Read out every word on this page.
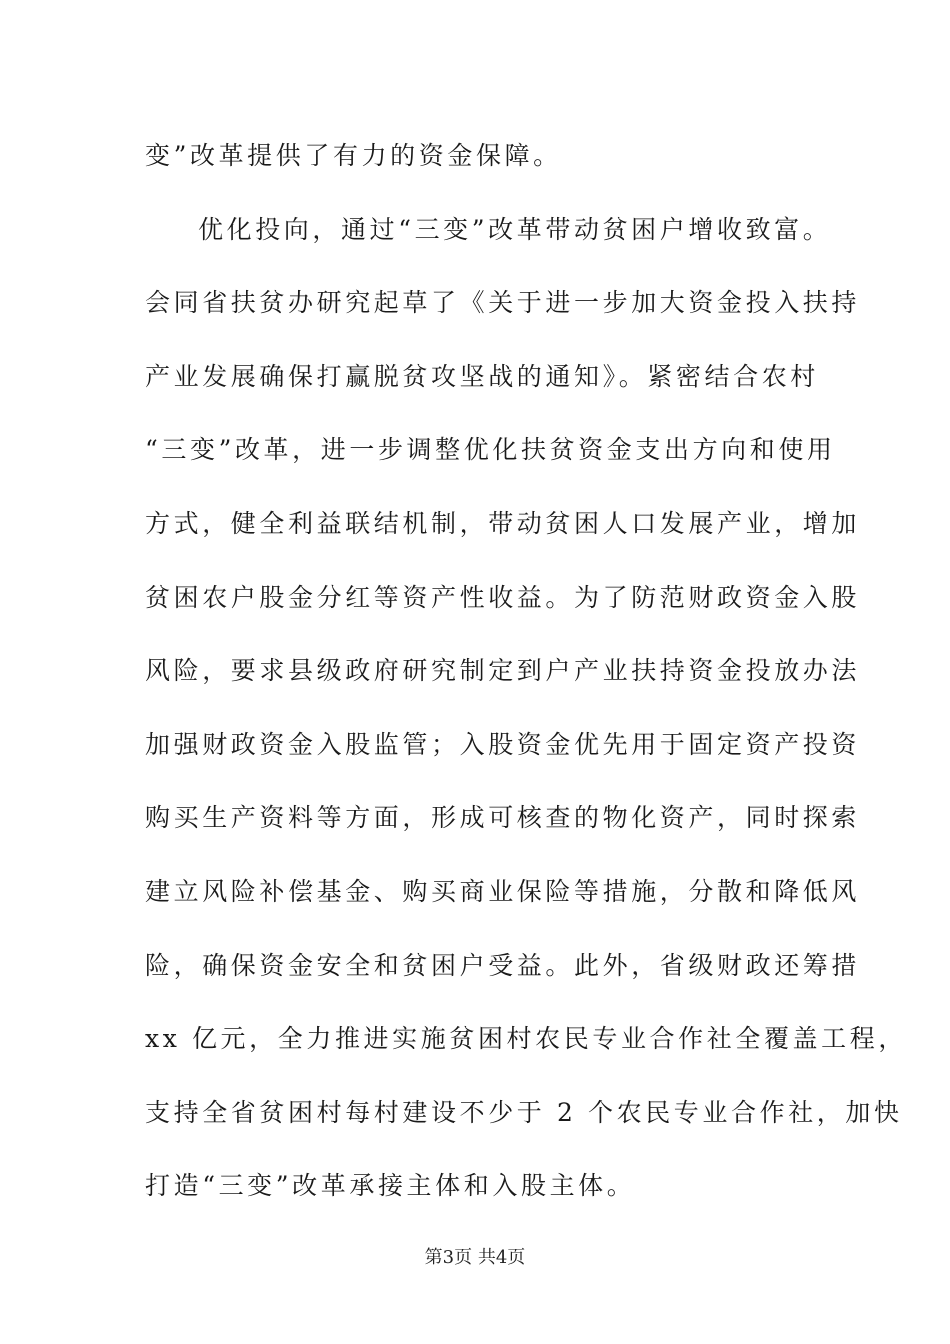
变”改革提供了有力的资金保障。
优化投向，通过“三变”改革带动贫困户增收致富。
会同省扶贫办研究起草了《关于进一步加大资金投入扶持
产业发展确保打赢脱贫攻坚战的通知》。紧密结合农村
“三变”改革，进一步调整优化扶贫资金支出方向和使用
方式，健全利益联结机制，带动贫困人口发展产业，增加
贫困农户股金分红等资产性收益。为了防范财政资金入股
风险，要求县级政府研究制定到户产业扶持资金投放办法
加强财政资金入股监管；入股资金优先用于固定资产投资
购买生产资料等方面，形成可核查的物化资产，同时探索
建立风险补偿基金、购买商业保险等措施，分散和降低风
险，确保资金安全和贫困户受益。此外，省级财政还筹措
xx 亿元，全力推进实施贫困村农民专业合作社全覆盖工程，
支持全省贫困村每村建设不少于 2 个农民专业合作社，加快
打造“三变”改革承接主体和入股主体。
第3页 共4页
